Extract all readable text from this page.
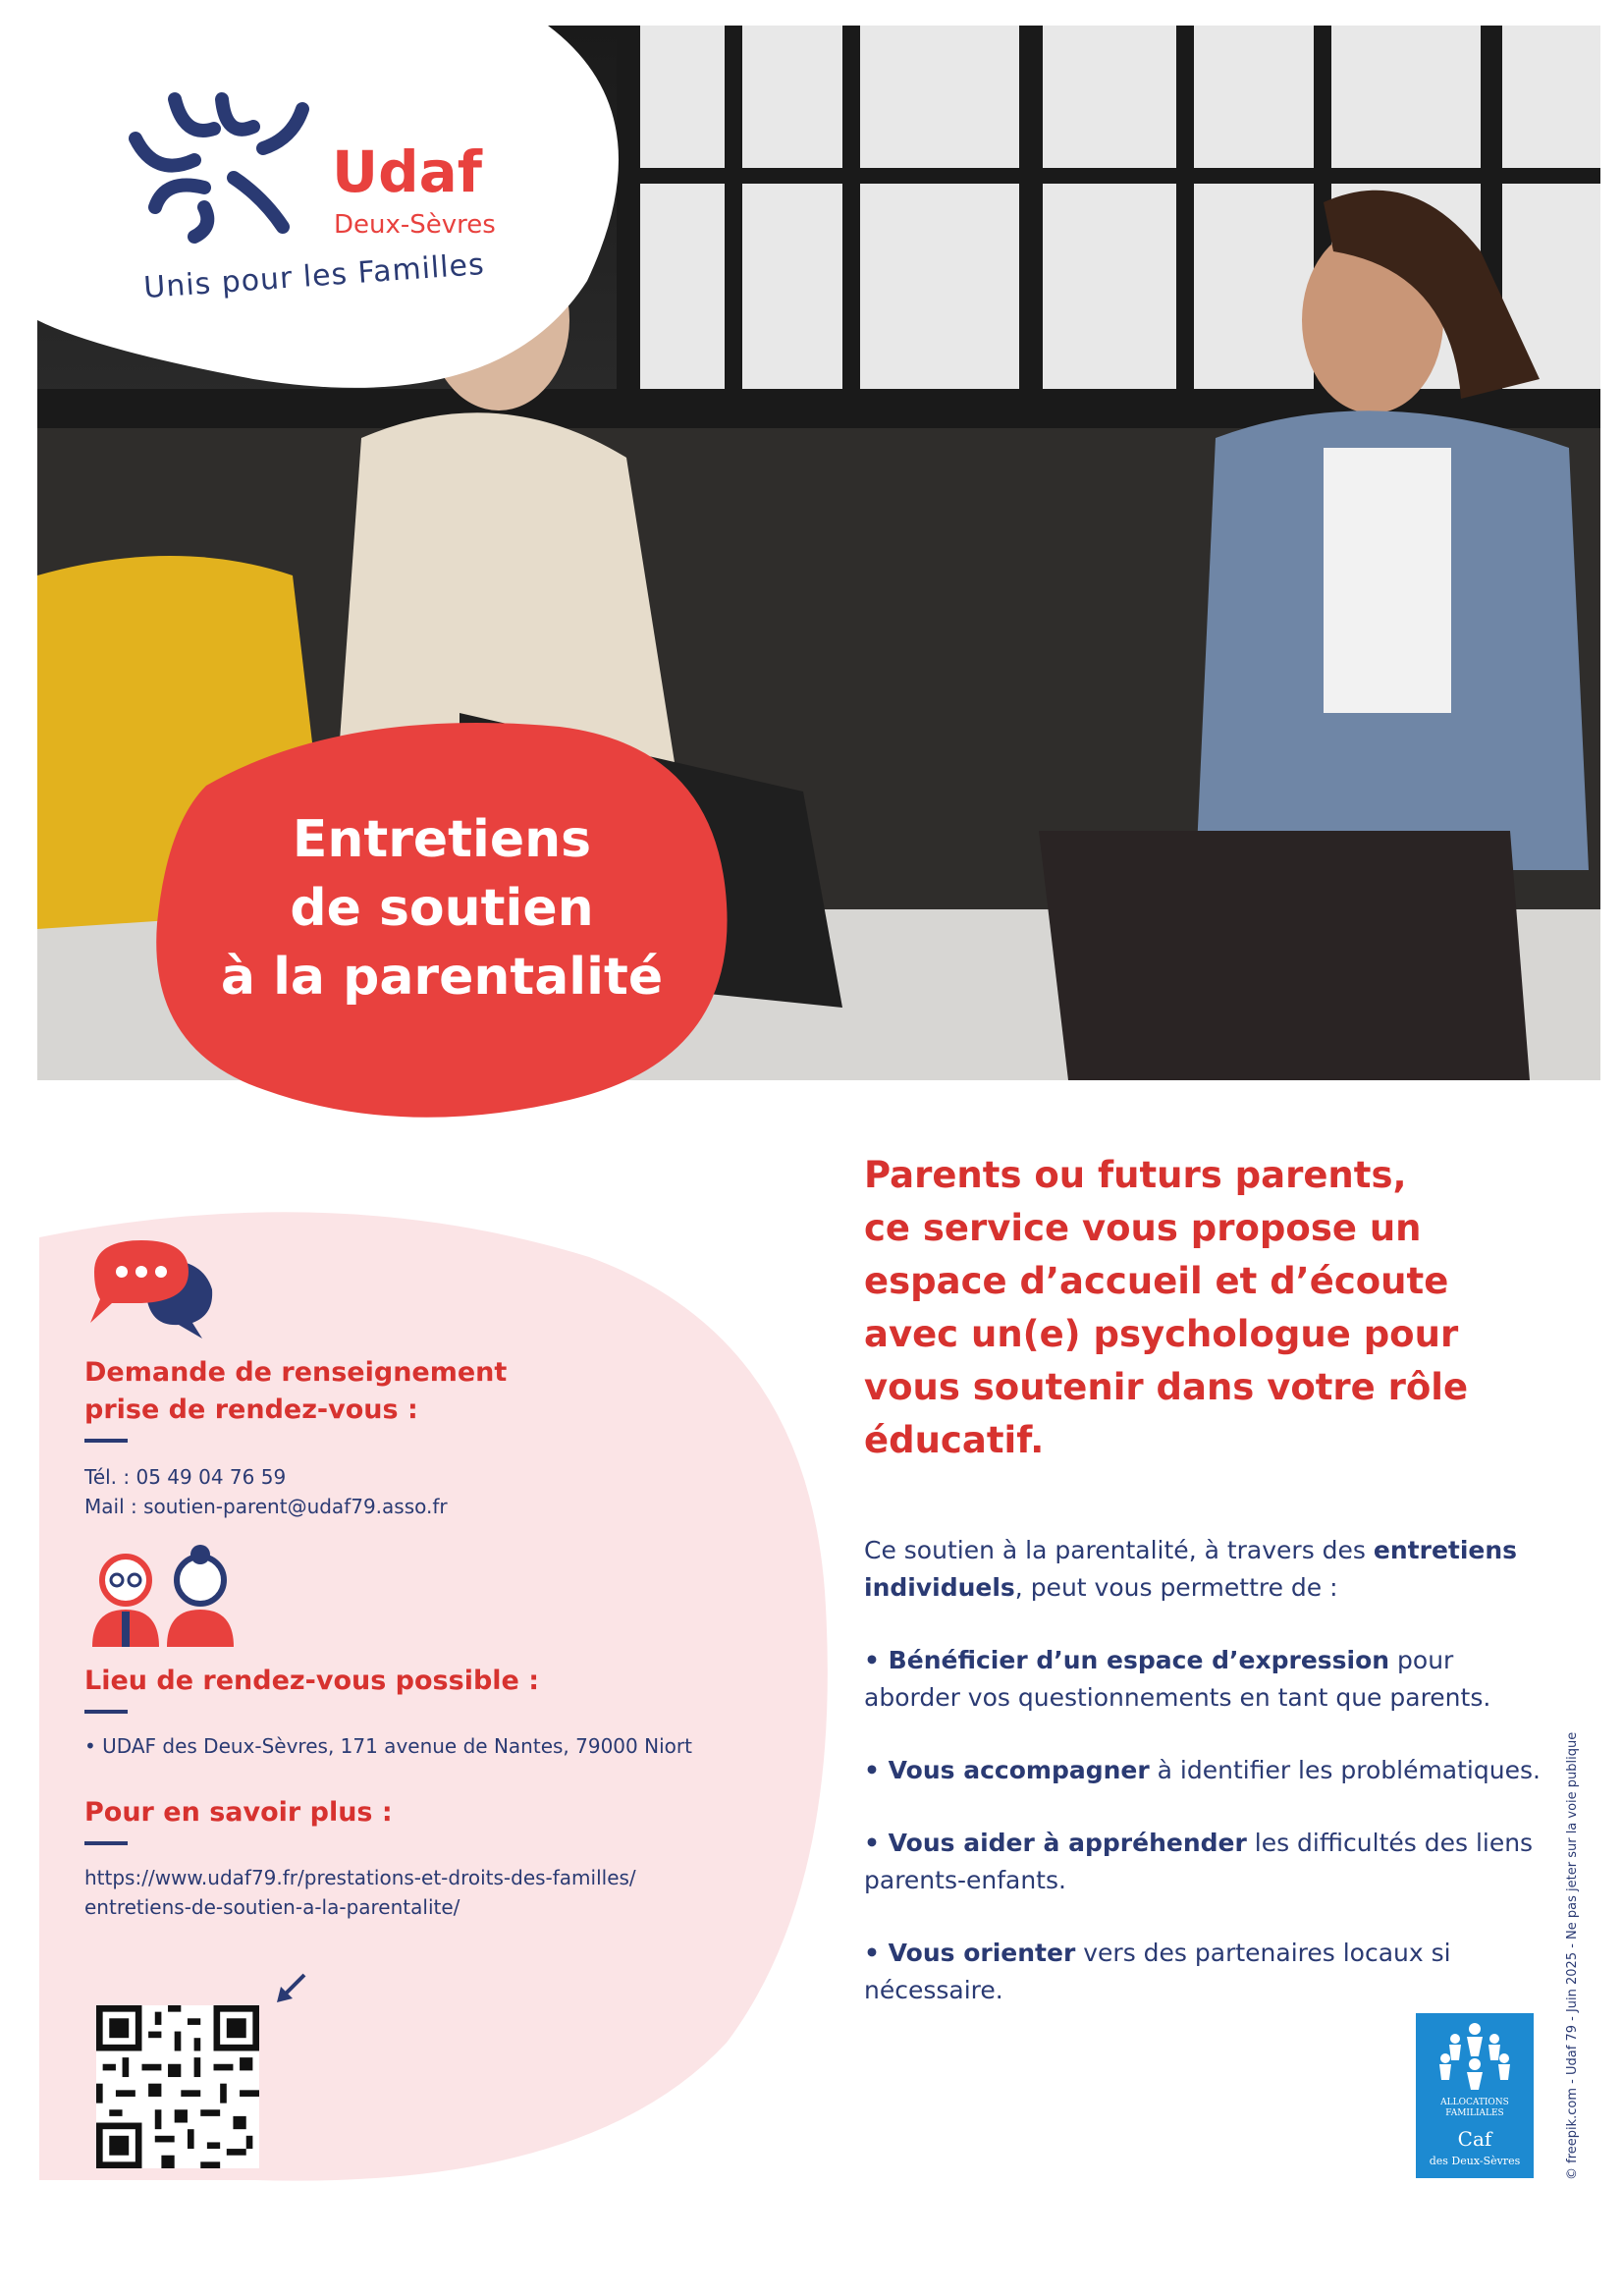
Udaf
Deux-Sèvres
Unis pour les Familles
Entretiens
de soutien
à la parentalité
Demande de renseignement
prise de rendez-vous :
Tél. : 05 49 04 76 59
Mail : soutien-parent@udaf79.asso.fr
Lieu de rendez-vous possible :
• UDAF des Deux-Sèvres, 171 avenue de Nantes, 79000 Niort
Pour en savoir plus :
https://www.udaf79.fr/prestations-et-droits-des-familles/
entretiens-de-soutien-a-la-parentalite/
Parents ou futurs parents,
ce service vous propose un
espace d’accueil et d’écoute
avec un(e) psychologue pour
vous soutenir dans votre rôle
éducatif.

Ce soutien à la parentalité, à travers des entretiens individuels, peut vous permettre de :

• Bénéficier d’un espace d’expression pour aborder vos questionnements en tant que parents.

• Vous accompagner à identifier les problématiques.

• Vous aider à appréhender les difficultés des liens parents-enfants.

• Vous orienter vers des partenaires locaux si nécessaire.	© freepik.com - Udaf 79 - Juin 2025 - Ne pas jeter sur la voie publique
ALLOCATIONS
FAMILIALES
Caf
des Deux-Sèvres
